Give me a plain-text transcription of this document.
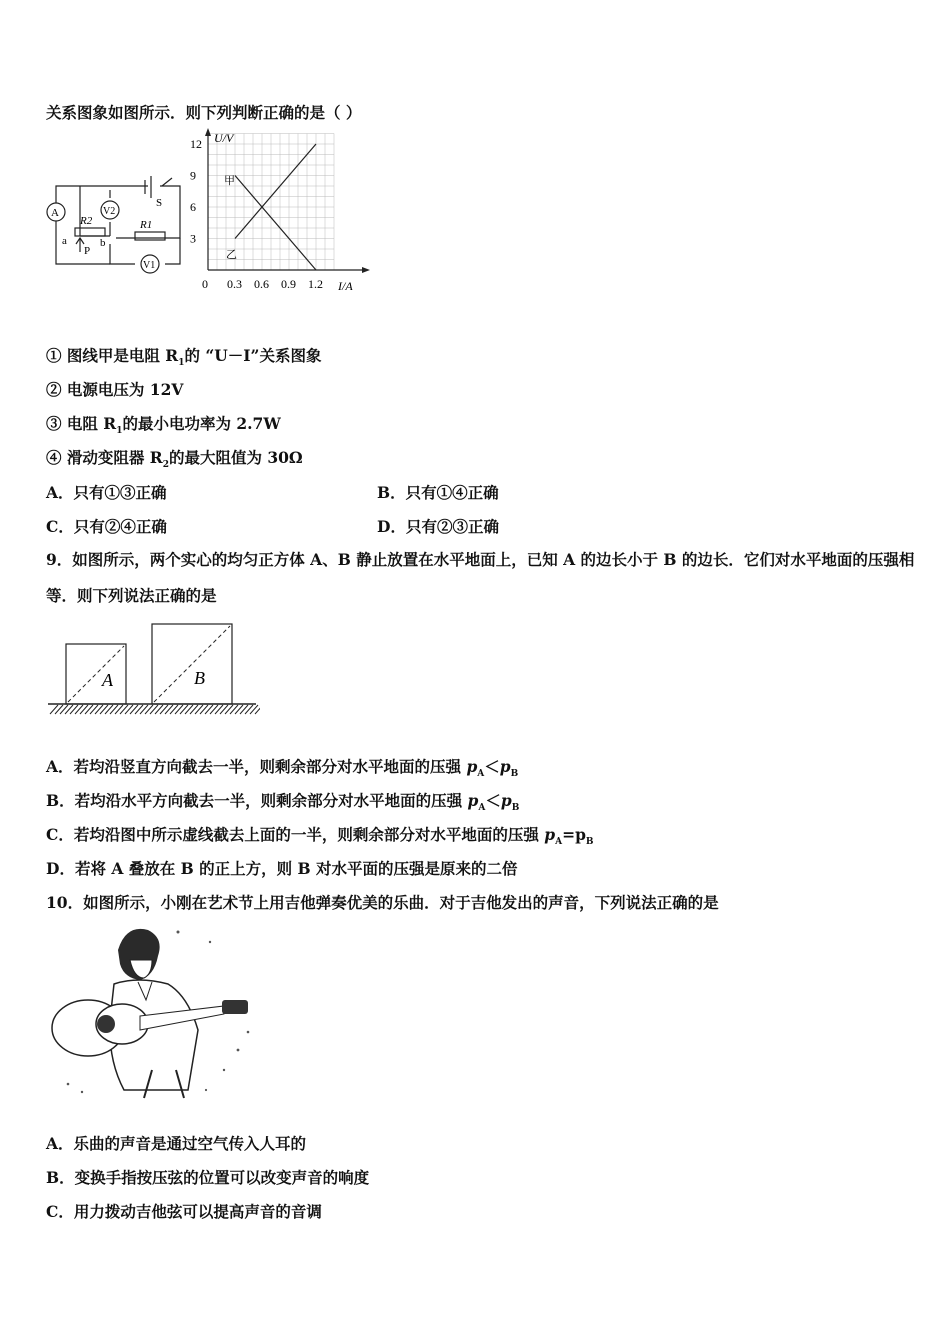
关系图象如图所示．则下列判断正确的是（ ）
A	V2
V1
R2	R1
S
a	b
P
U/V
I/A
12
9
6
3
0 0.3 0.6 0.9 1.2
甲
乙
① 图线甲是电阻 $R_1$的 “U－I”关系图象
② 电源电压为 12V
③ 电阻 $R_1$的最小电功率为 2.7W
④ 滑动变阻器 $R_2$的最大阻值为 30Ω
A．只有①③正确	B．只有①④正确
C．只有②④正确	D．只有②③正确
9．如图所示，两个实心的均匀正方体 A、B 静止放置在水平地面上，已知 A 的边长小于 B 的边长．它们对水平地面的压强相等．则下列说法正确的是
A	B
A．若均沿竖直方向截去一半，则剩余部分对水平地面的压强 $p_A<p_B$
B．若均沿水平方向截去一半，则剩余部分对水平地面的压强 $p_A<p_B$
C．若均沿图中所示虚线截去上面的一半，则剩余部分对水平地面的压强 $p_A=p_B$
D．若将 A 叠放在 B 的正上方，则 B 对水平面的压强是原来的二倍
10．如图所示，小刚在艺术节上用吉他弹奏优美的乐曲．对于吉他发出的声音，下列说法正确的是
A．乐曲的声音是通过空气传入人耳的
B．变换手指按压弦的位置可以改变声音的响度
C．用力拨动吉他弦可以提高声音的音调
